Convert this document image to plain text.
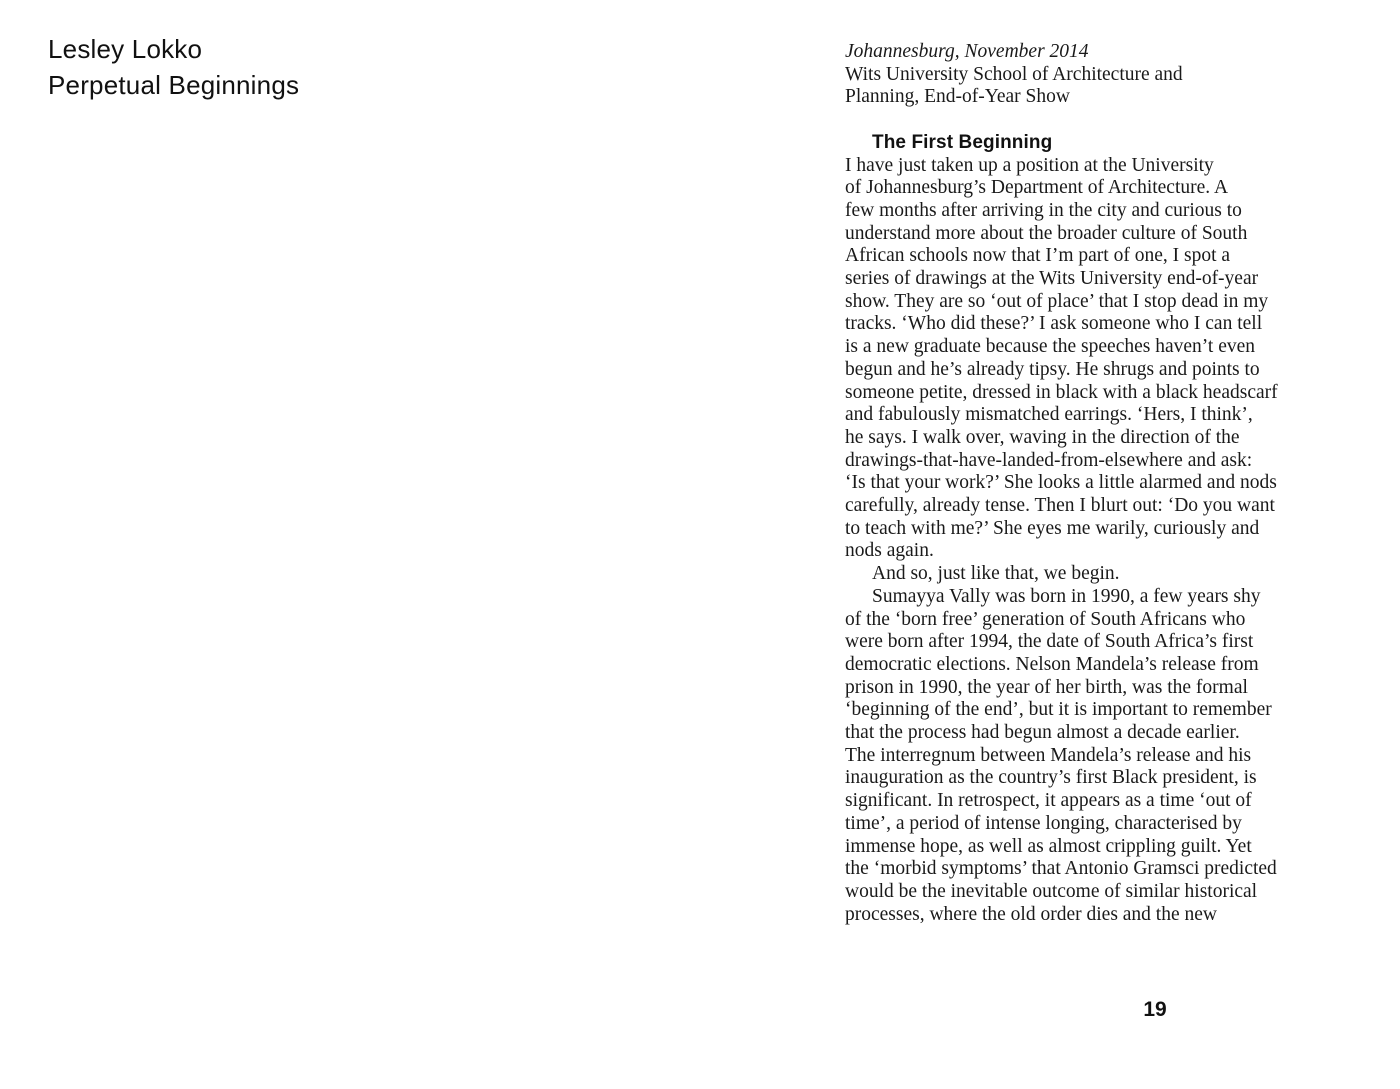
Lesley Lokko
Perpetual Beginnings
Johannesburg, November 2014
Wits University School of Architecture and
Planning, End-of-Year Show
The First Beginning
I have just taken up a position at the University
of Johannesburg’s Department of Architecture. A
few months after arriving in the city and curious to
understand more about the broader culture of South
African schools now that I’m part of one, I spot a
series of drawings at the Wits University end-of-year
show. They are so ‘out of place’ that I stop dead in my
tracks. ‘Who did these?’ I ask someone who I can tell
is a new graduate because the speeches haven’t even
begun and he’s already tipsy. He shrugs and points to
someone petite, dressed in black with a black headscarf
and fabulously mismatched earrings. ‘Hers, I think’,
he says. I walk over, waving in the direction of the
drawings-that-have-landed-from-elsewhere and ask:
‘Is that your work?’ She looks a little alarmed and nods
carefully, already tense. Then I blurt out: ‘Do you want
to teach with me?’ She eyes me warily, curiously and
nods again.
And so, just like that, we begin.
Sumayya Vally was born in 1990, a few years shy
of the ‘born free’ generation of South Africans who
were born after 1994, the date of South Africa’s first
democratic elections. Nelson Mandela’s release from
prison in 1990, the year of her birth, was the formal
‘beginning of the end’, but it is important to remember
that the process had begun almost a decade earlier.
The interregnum between Mandela’s release and his
inauguration as the country’s first Black president, is
significant. In retrospect, it appears as a time ‘out of
time’, a period of intense longing, characterised by
immense hope, as well as almost crippling guilt. Yet
the ‘morbid symptoms’ that Antonio Gramsci predicted
would be the inevitable outcome of similar historical
processes, where the old order dies and the new
19
